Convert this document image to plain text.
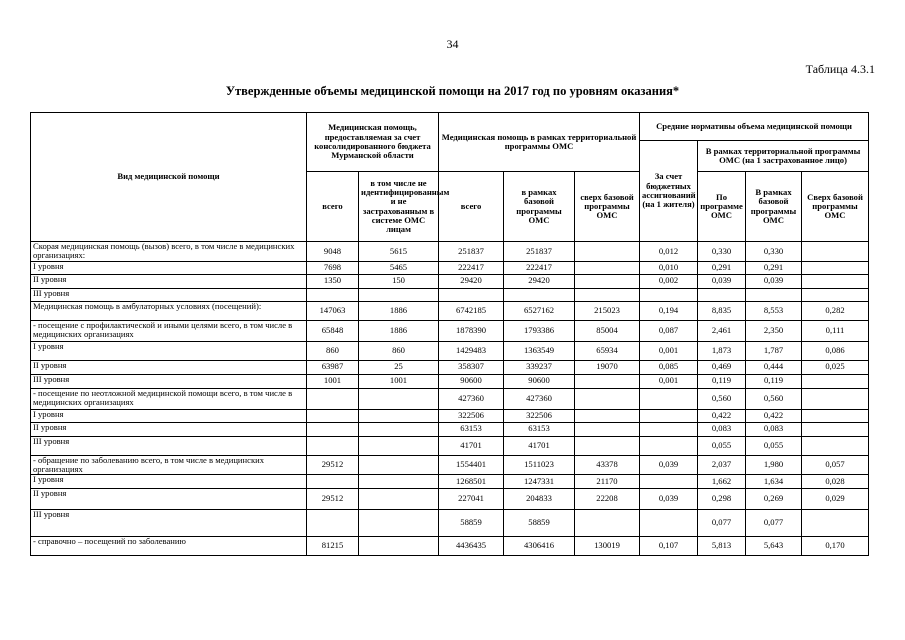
34
Таблица 4.3.1
Утвержденные объемы медицинской помощи на 2017 год по уровням оказания*
Вид медицинской помощи	Медицинская помощь, предоставляемая за счет консолидированного бюджета Мурманской области		Медицинская помощь в рамках территориальной программы ОМС			Средние нормативы объема медицинской помощи			
						За счет бюджетных ассигнований (на 1 жителя)	В рамках территориальной программы ОМС (на 1 застрахованное лицо)		
	всего	в том числе не идентифицированным и не застрахованным в системе ОМС лицам	всего	в рамках базовой программы ОМС	сверх базовой программы ОМС		По программе ОМС	В рамках базовой программы ОМС	Сверх базовой программы ОМС
Скорая медицинская помощь (вызов) всего, в том числе в медицинских организациях:	9048	5615	251837	251837		0,012	0,330	0,330	
I уровня	7698	5465	222417	222417		0,010	0,291	0,291	
II уровня	1350	150	29420	29420		0,002	0,039	0,039	
III уровня									
Медицинская помощь в амбулаторных условиях (посещений):	147063	1886	6742185	6527162	215023	0,194	8,835	8,553	0,282
- посещение с профилактической и иными целями всего, в том числе в медицинских организациях	65848	1886	1878390	1793386	85004	0,087	2,461	2,350	0,111
I уровня	860	860	1429483	1363549	65934	0,001	1,873	1,787	0,086
II уровня	63987	25	358307	339237	19070	0,085	0,469	0,444	0,025
III уровня	1001	1001	90600	90600		0,001	0,119	0,119	
- посещение по неотложной медицинской помощи всего, в том числе в медицинских организациях			427360	427360			0,560	0,560	
I уровня			322506	322506			0,422	0,422	
II уровня			63153	63153			0,083	0,083	
III уровня			41701	41701			0,055	0,055	
- обращение по заболеванию всего, в том числе в медицинских организациях	29512		1554401	1511023	43378	0,039	2,037	1,980	0,057
I уровня			1268501	1247331	21170		1,662	1,634	0,028
II уровня	29512		227041	204833	22208	0,039	0,298	0,269	0,029
III уровня			58859	58859			0,077	0,077	
- справочно – посещений по заболеванию	81215		4436435	4306416	130019	0,107	5,813	5,643	0,170
